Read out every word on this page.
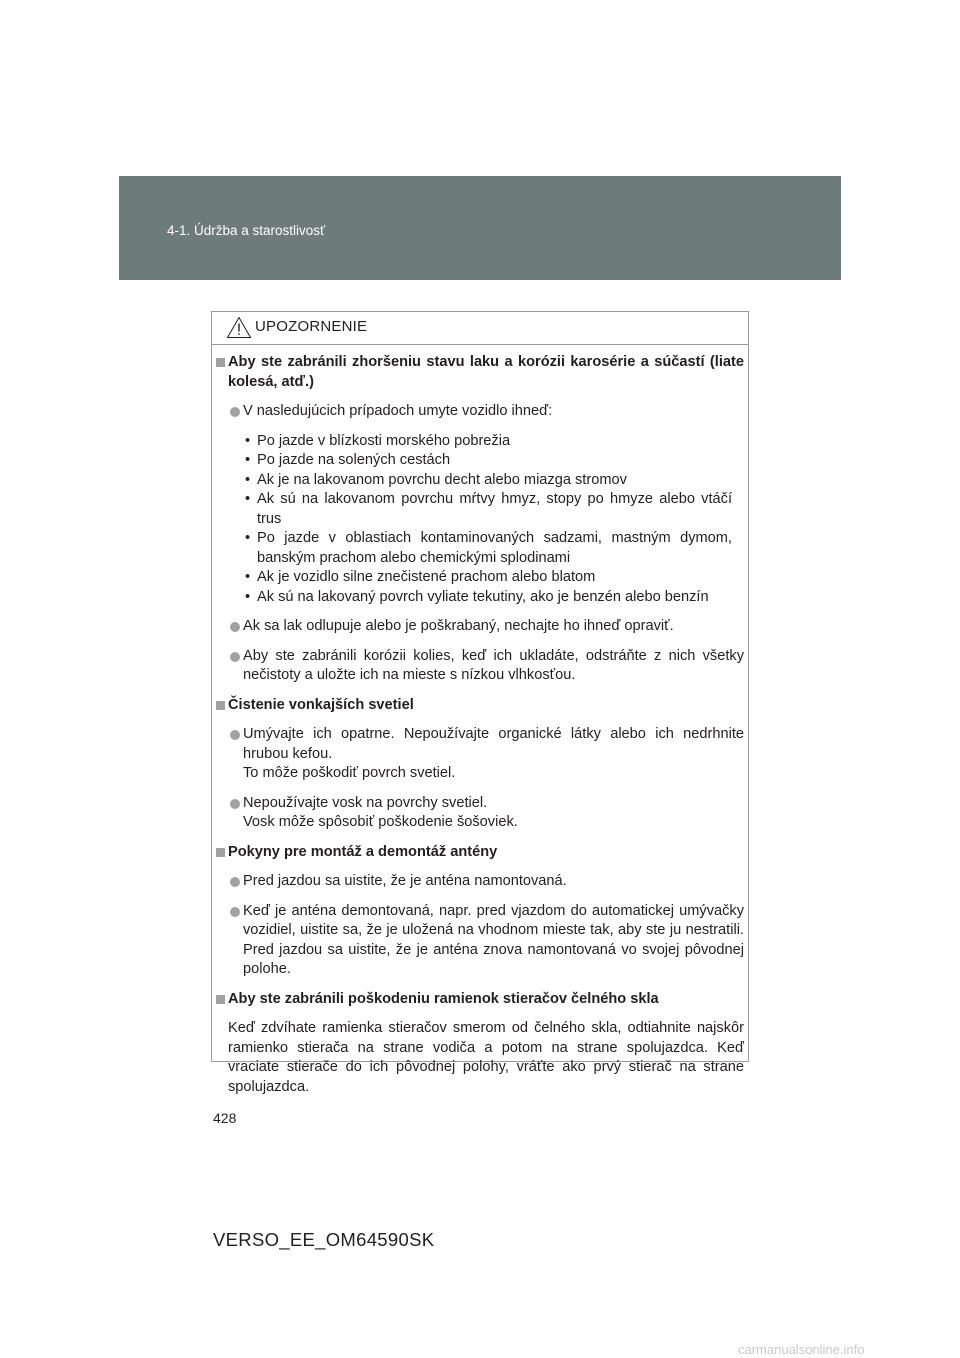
4-1. Údržba a starostlivosť
UPOZORNENIE

Aby ste zabránili zhoršeniu stavu laku a korózii karosérie a súčastí (liate kolesá, atď.)

V nasledujúcich prípadoch umyte vozidlo ihneď:

• Po jazde v blízkosti morského pobrežia
• Po jazde na solených cestách
• Ak je na lakovanom povrchu decht alebo miazga stromov
• Ak sú na lakovanom povrchu mŕtvy hmyz, stopy po hmyze alebo vtáčí trus
• Po jazde v oblastiach kontaminovaných sadzami, mastným dymom, banským prachom alebo chemickými splodinami
• Ak je vozidlo silne znečistené prachom alebo blatom
• Ak sú na lakovaný povrch vyliate tekutiny, ako je benzén alebo benzín

Ak sa lak odlupuje alebo je poškrabaný, nechajte ho ihneď opraviť.

Aby ste zabránili korózii kolies, keď ich ukladáte, odstráňte z nich všetky nečistoty a uložte ich na mieste s nízkou vlhkosťou.

Čistenie vonkajších svetiel

Umývajte ich opatrne. Nepoužívajte organické látky alebo ich nedrhnite hrubou kefou.
To môže poškodiť povrch svetiel.
Nepoužívajte vosk na povrchy svetiel.
Vosk môže spôsobiť poškodenie šošoviek.

Pokyny pre montáž a demontáž antény

Pred jazdou sa uistite, že je anténa namontovaná.

Keď je anténa demontovaná, napr. pred vjazdom do automatickej umývačky vozidiel, uistite sa, že je uložená na vhodnom mieste tak, aby ste ju nestratili. Pred jazdou sa uistite, že je anténa znova namontovaná vo svojej pôvodnej polohe.

Aby ste zabránili poškodeniu ramienok stieračov čelného skla

Keď zdvíhate ramienka stieračov smerom od čelného skla, odtiahnite najskôr ramienko stierača na strane vodiča a potom na strane spolujazdca. Keď vraciate stierače do ich pôvodnej polohy, vráťte ako prvý stierač na strane spolujazdca.

428
VERSO_EE_OM64590SK
carmanualsonline.info
